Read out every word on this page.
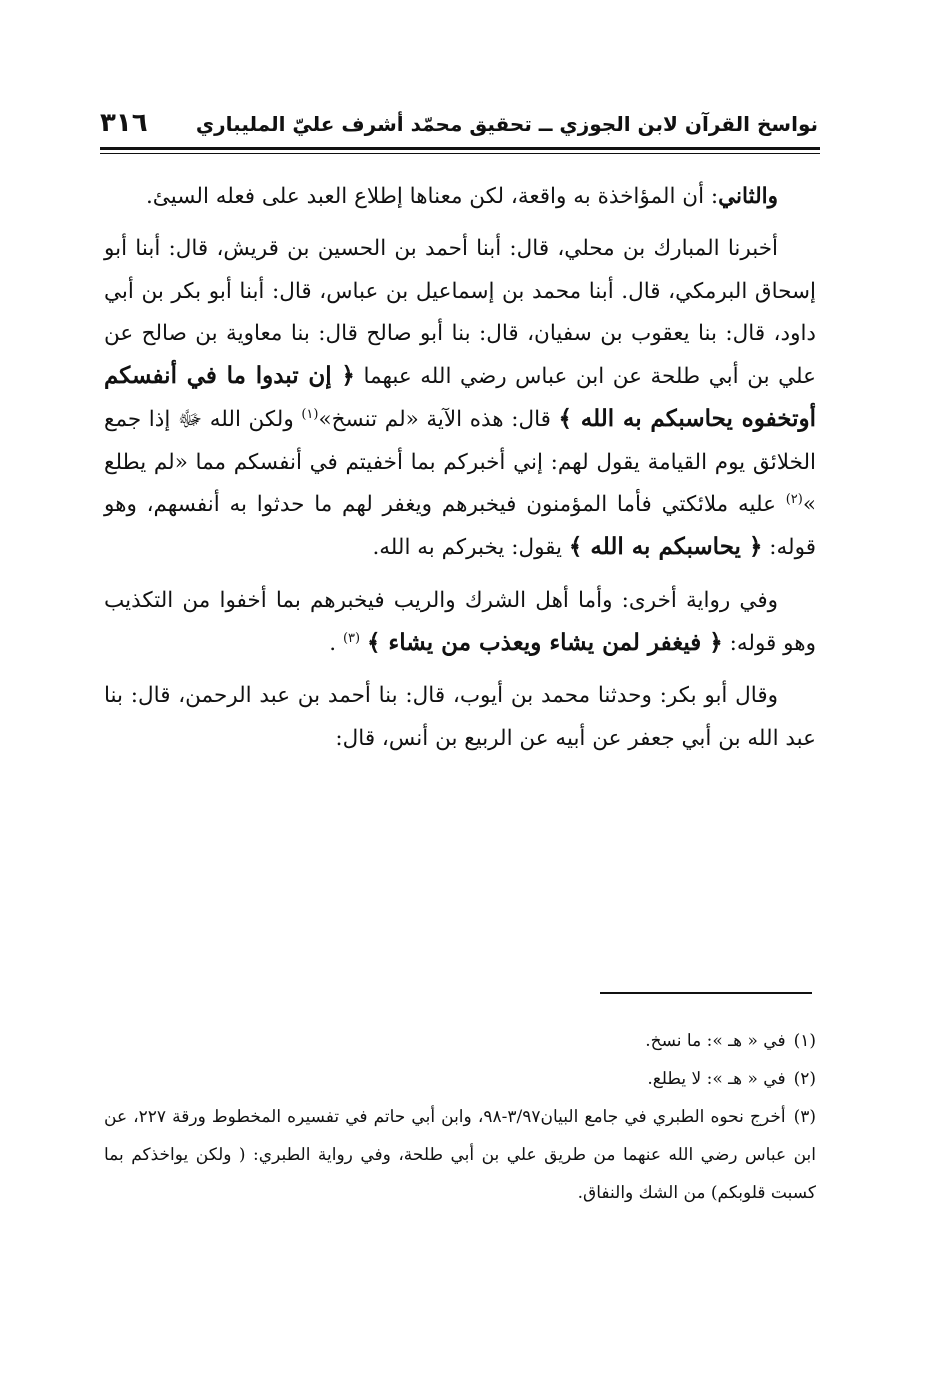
نواسخ القرآن لابن الجوزي ــ تحقيق محمّد أشرف عليّ المليباري
٣١٦

والثاني: أن المؤاخذة به واقعة، لكن معناها إطلاع العبد على فعله السيئ.

أخبرنا المبارك بن محلي، قال: أبنا أحمد بن الحسين بن قريش، قال: أبنا أبو إسحاق البرمكي، قال. أبنا محمد بن إسماعيل بن عباس، قال: أبنا أبو بكر بن أبي داود، قال: بنا يعقوب بن سفيان، قال: بنا أبو صالح قال: بنا معاوية بن صالح عن علي بن أبي طلحة عن ابن عباس رضي الله عبهما ﴿ إن تبدوا ما في أنفسكم أوتخفوه يحاسبكم به الله ﴾ قال: هذه الآية «لم تنسخ»$^{(١)}$ ولكن الله ﷻ إذا جمع الخلائق يوم القيامة يقول لهم: إني أخبركم بما أخفيتم في أنفسكم مما «لم يطلع »$^{(٢)}$ عليه ملائكتي فأما المؤمنون فيخبرهم ويغفر لهم ما حدثوا به أنفسهم، وهو قوله: ﴿ يحاسبكم به الله ﴾ يقول: يخبركم به الله.

وفي رواية أخرى: وأما أهل الشرك والريب فيخبرهم بما أخفوا من التكذيب وهو قوله: ﴿ فيغفر لمن يشاء ويعذب من يشاء ﴾ $^{(٣)}$ .

وقال أبو بكر: وحدثنا محمد بن أيوب، قال: بنا أحمد بن عبد الرحمن، قال: بنا عبد الله بن أبي جعفر عن أبيه عن الربيع بن أنس، قال:

(١)في « هـ »: ما نسخ.

(٢)في « هـ »: لا يطلع.

(٣)أخرج نحوه الطبري في جامع البيان٣/٩٧-٩٨، وابن أبي حاتم في تفسيره المخطوط ورقة ٢٢٧، عن ابن عباس رضي الله عنهما من طريق علي بن أبي طلحة، وفي رواية الطبري: ( ولكن يواخذكم بما كسبت قلوبكم) من الشك والنفاق.
